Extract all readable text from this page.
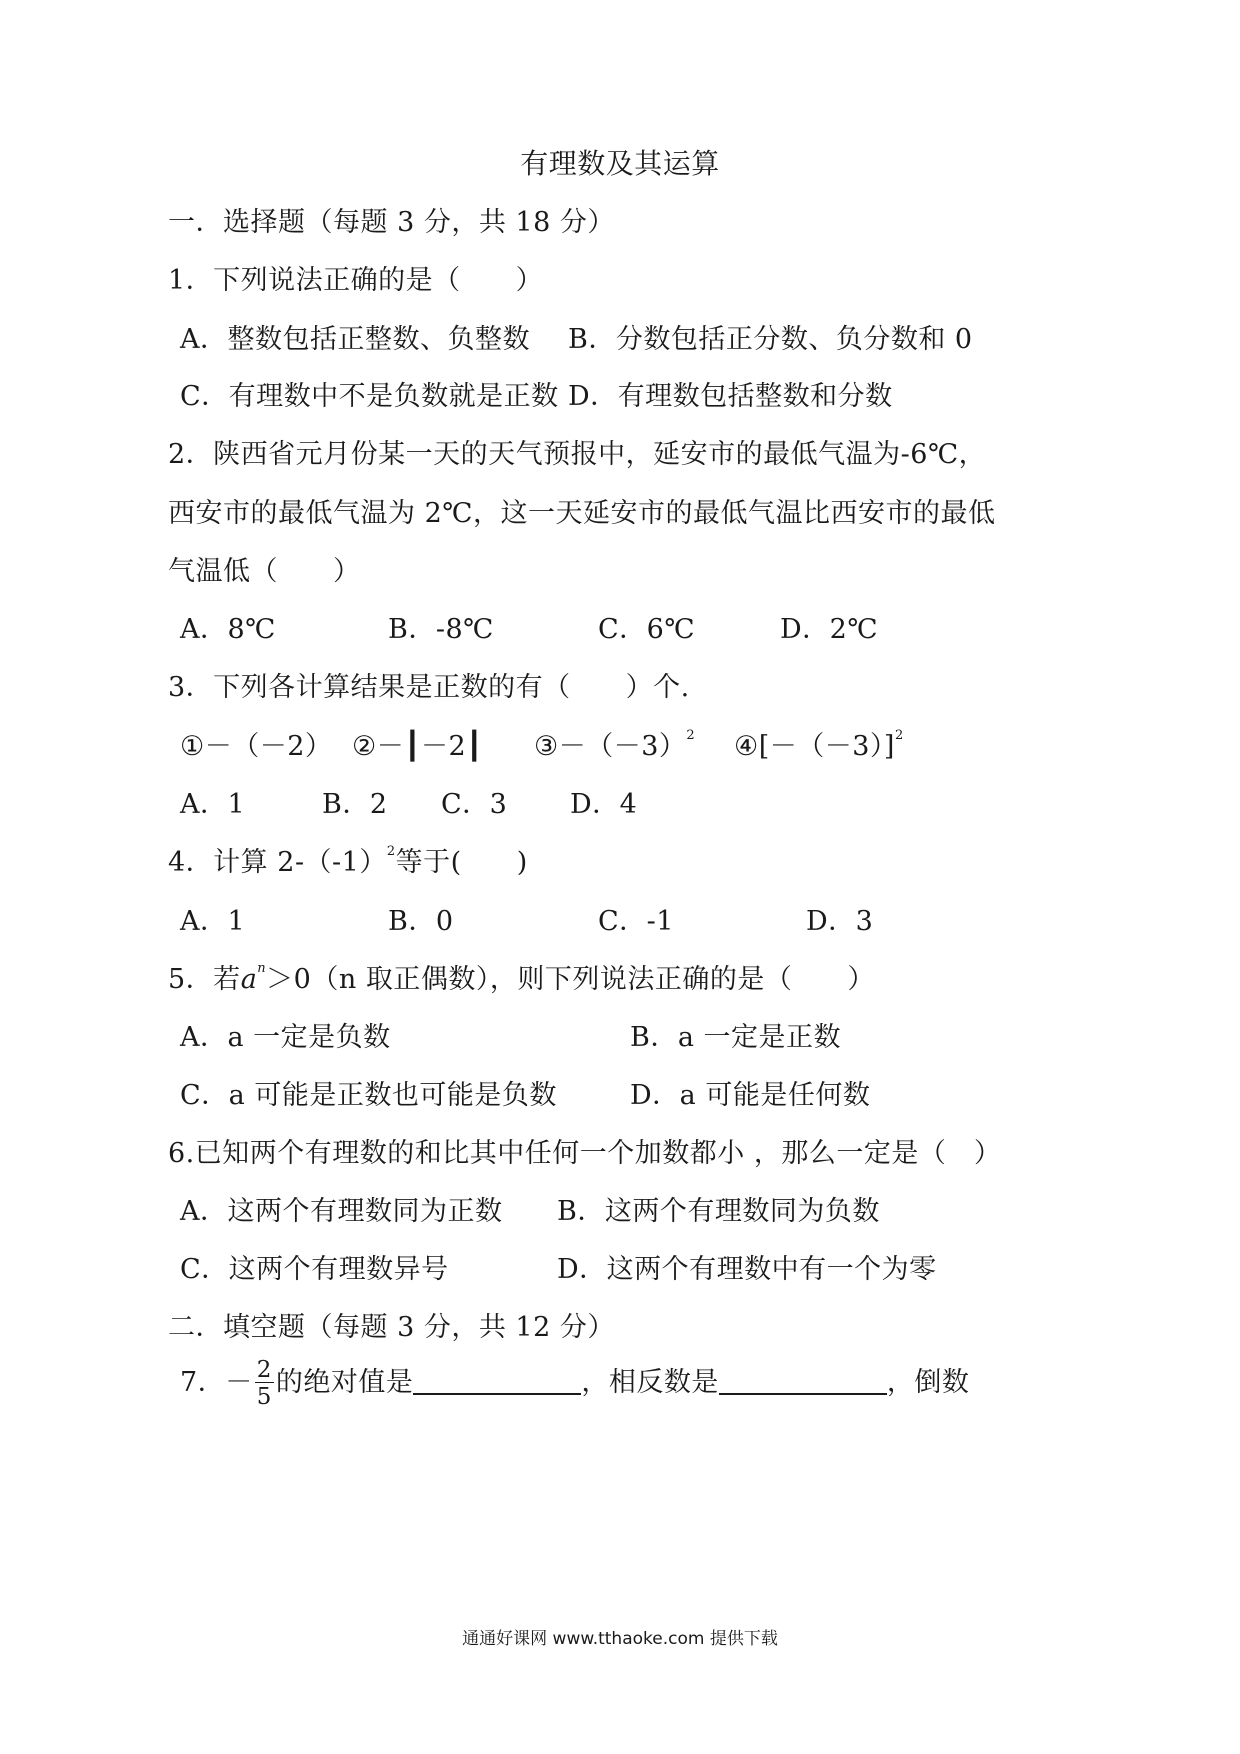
有理数及其运算
一．选择题（每题 3 分，共 18 分）
1．下列说法正确的是（　　）
A．整数包括正整数、负整数 B．分数包括正分数、负分数和 0
C．有理数中不是负数就是正数 D．有理数包括整数和分数
2．陕西省元月份某一天的天气预报中，延安市的最低气温为-6℃，
西安市的最低气温为 2℃，这一天延安市的最低气温比西安市的最低
气温低（　　）
A．8℃	B．-8℃	C．6℃	D．2℃
3．下列各计算结果是正数的有（　　）个.
①－（－2） ②－┃－2┃ $③-(-3)^2$ $④[-(-3)]^2$
A．1	B．2 C．3 D．4
4．计算 $2-(-1)^2$等于(　　)
A．1	B．0	C．-1	D．3
5．若$a^n>0(n$ 取正偶数），则下列说法正确的是（　　）
A．a 一定是负数	B．a 一定是正数
C．a 可能是正数也可能是负数	D．a 可能是任何数
6.已知两个有理数的和比其中任何一个加数都小 ，那么一定是（　）
A．这两个有理数同为正数 B．这两个有理数同为负数
C．这两个有理数异号	D．这两个有理数中有一个为零
二．填空题（每题 3 分，共 12 分）
7．－ $\frac{2}{5}$ 的绝对值是	，相反数是	，倒数
通通好课网 www.tthaoke.com 提供下载
